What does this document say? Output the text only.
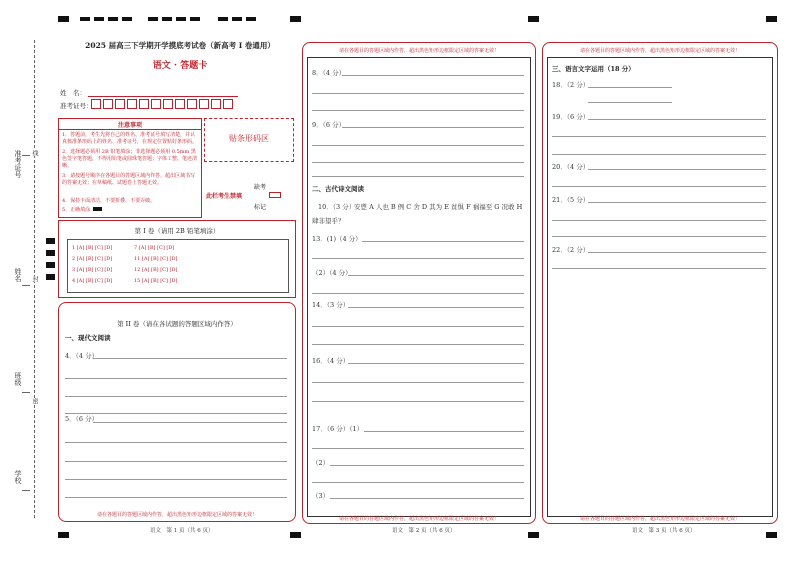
准考证号
姓名
班级
学校
线
封
密
2025 届高三下学期开学摸底考试卷（新高考 I 卷通用）
语文 · 答题卡
姓　名：
准考证号：
注意事项
1．答题前，考生先将自己的姓名、准考证号填写清楚，并认真核准条形码上的姓名、准考证号，在规定位置贴好条形码。
2．选择题必须用 2B 铅笔填涂；非选择题必须用 0.5mm 黑色签字笔答题，不得用铅笔或圆珠笔答题；字体工整、笔迹清晰。
3．请按题号顺序在各题目的答题区域内作答，超出区域书写的答案无效；在草稿纸、试题卷上答题无效。
4．保持卡面清洁，不要折叠、不要弄破。
5．正确填涂
贴条形码区
此栏考生禁填
缺考
标记
第 I 卷（请用 2B 铅笔填涂）
1 [A] [B] [C] [D]
2 [A] [B] [C] [D]
3 [A] [B] [C] [D]
4 [A] [B] [C] [D]
7 [A] [B] [C] [D]
11 [A] [B] [C] [D]
12 [A] [B] [C] [D]
15 [A] [B] [C] [D]
第 II 卷（请在各试题的答题区域内作答）
一、现代文阅读
4．（4 分）
5．（6 分）
请在各题目的答题区域内作答，超出黑色矩形边框限定区域的答案无效！
语文　第 1 页（共 6 页）
请在各题目的答题区域内作答，超出黑色矩形边框限定区域的答案无效！
8．（4 分）
9．（6 分）
二、古代诗文阅读
10．（3 分）
安鬯 A 人也 B 例 C 舍 D 其为 E 贫惧 F 祸福至 G 况敢 H
肆非望乎？
13．(1)（4 分）
（2）（4 分）
14．（3 分）
16．（4 分）
17．（6 分）（1）
（2）
（3）
请在各题目的答题区域内作答，超出黑色矩形边框限定区域的答案无效！
语文　第 2 页（共 6 页）
请在各题目的答题区域内作答，超出黑色矩形边框限定区域的答案无效！
三、语言文字运用（18 分）
18．（2 分）
19．（6 分）
20．（4 分）
21．（5 分）
22．（2 分）
请在各题目的答题区域内作答，超出黑色矩形边框限定区域的答案无效！
语文　第 3 页（共 6 页）
